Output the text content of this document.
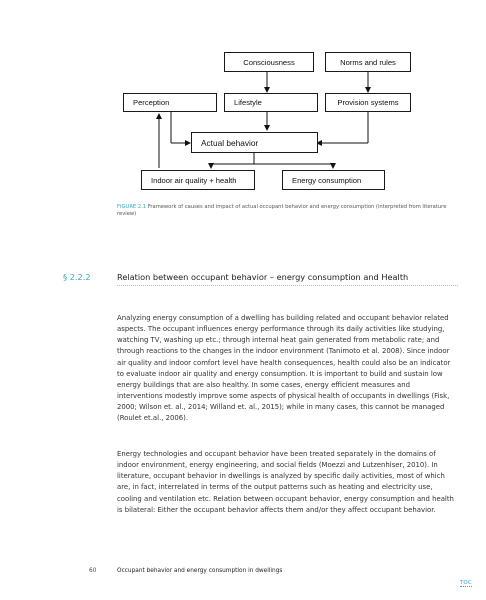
Consciousness	Norms and rules
Perception	Lifestyle	Provision systems
Actual behavior
Indoor air quality + health	Energy consumption
FIGURE 2.1 Framework of causes and impact of actual occupant behavior and energy consumption (interpreted from literature review)
§ 2.2.2	Relation between occupant behavior – energy consumption and Health
Analyzing energy consumption of a dwelling has building related and occupant behavior related aspects. The occupant influences energy performance through its daily activities like studying, watching TV, washing up etc.; through internal heat gain generated from metabolic rate; and through reactions to the changes in the indoor environment (Tanimoto et al. 2008). Since indoor air quality and indoor comfort level have health consequences, health could also be an indicator to evaluate indoor air quality and energy consumption. It is important to build and sustain low energy buildings that are also healthy. In some cases, energy efficient measures and interventions modestly improve some aspects of physical health of occupants in dwellings (Fisk, 2000; Wilson et. al., 2014; Willand et. al., 2015); while in many cases, this cannot be managed (Roulet et.al., 2006).
Energy technologies and occupant behavior have been treated separately in the domains of indoor environment, energy engineering, and social fields (Moezzi and Lutzenhiser, 2010). In literature, occupant behavior in dwellings is analyzed by specific daily activities, most of which are, in fact, interrelated in terms of the output patterns such as heating and electricity use, cooling and ventilation etc. Relation between occupant behavior, energy consumption and health is bilateral: Either the occupant behavior affects them and/or they affect occupant behavior.
60	Occupant behavior and energy consumption in dwellings
TOC
